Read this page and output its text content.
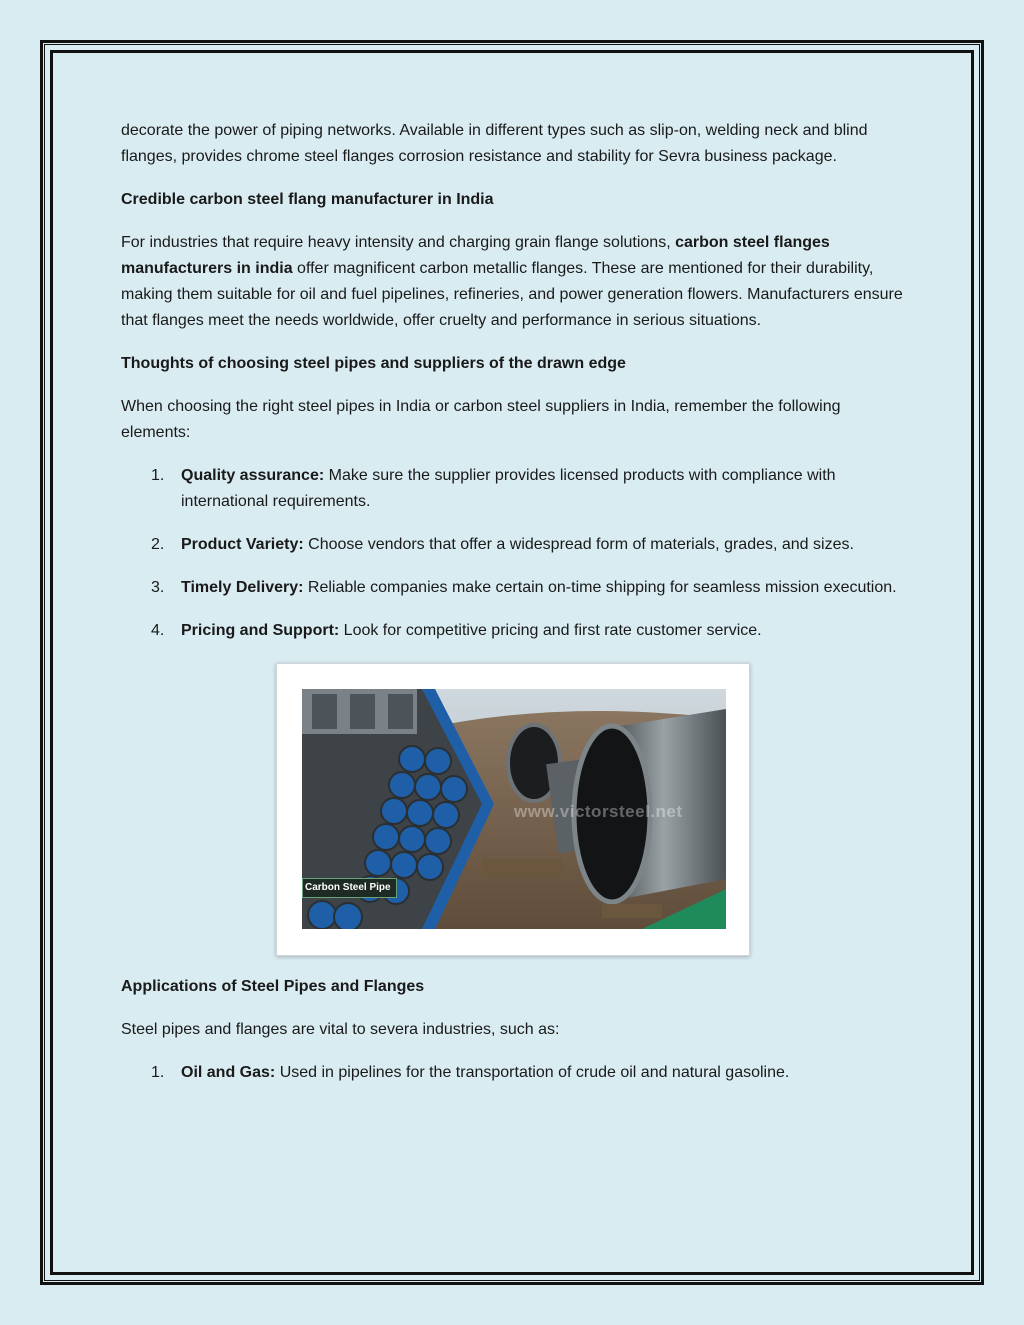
decorate the power of piping networks. Available in different types such as slip-on, welding neck and blind flanges, provides chrome steel flanges corrosion resistance and stability for Sevra business package.

Credible carbon steel flang manufacturer in India

For industries that require heavy intensity and charging grain flange solutions, carbon steel flanges manufacturers in india offer magnificent carbon metallic flanges. These are mentioned for their durability, making them suitable for oil and fuel pipelines, refineries, and power generation flowers. Manufacturers ensure that flanges meet the needs worldwide, offer cruelty and performance in serious situations.

Thoughts of choosing steel pipes and suppliers of the drawn edge

When choosing the right steel pipes in India or carbon steel suppliers in India, remember the following elements:

1. Quality assurance: Make sure the supplier provides licensed products with compliance with international requirements.
2. Product Variety: Choose vendors that offer a widespread form of materials, grades, and sizes.
3. Timely Delivery: Reliable companies make certain on-time shipping for seamless mission execution.
4. Pricing and Support: Look for competitive pricing and first rate customer service.
Carbon Steel Pipe
www.victorsteel.net

Applications of Steel Pipes and Flanges

Steel pipes and flanges are vital to severa industries, such as:

1. Oil and Gas: Used in pipelines for the transportation of crude oil and natural gasoline.
